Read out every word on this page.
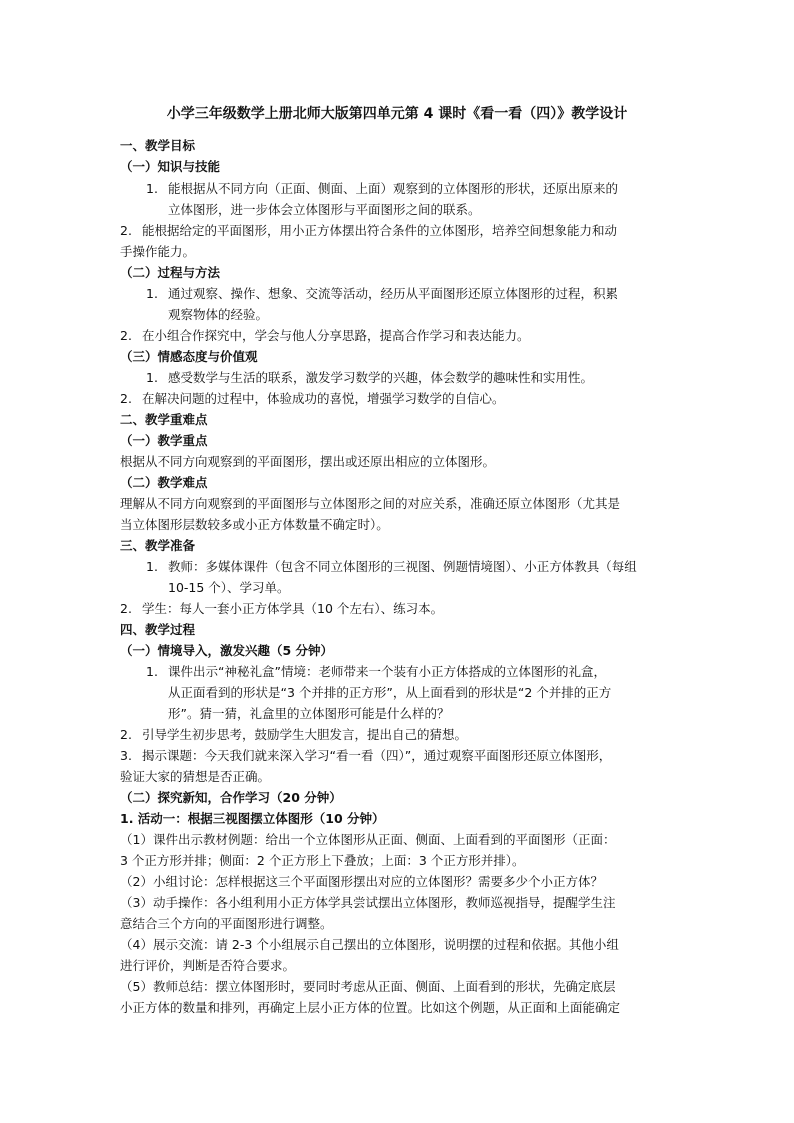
小学三年级数学上册北师大版第四单元第 4 课时《看一看（四）》教学设计
一、教学目标
（一）知识与技能
1. 能根据从不同方向（正面、侧面、上面）观察到的立体图形的形状，还原出原来的
立体图形，进一步体会立体图形与平面图形之间的联系。
2. 能根据给定的平面图形，用小正方体摆出符合条件的立体图形，培养空间想象能力和动
手操作能力。
（二）过程与方法
1. 通过观察、操作、想象、交流等活动，经历从平面图形还原立体图形的过程，积累
观察物体的经验。
2. 在小组合作探究中，学会与他人分享思路，提高合作学习和表达能力。
（三）情感态度与价值观
1. 感受数学与生活的联系，激发学习数学的兴趣，体会数学的趣味性和实用性。
2. 在解决问题的过程中，体验成功的喜悦，增强学习数学的自信心。
二、教学重难点
（一）教学重点
根据从不同方向观察到的平面图形，摆出或还原出相应的立体图形。
（二）教学难点
理解从不同方向观察到的平面图形与立体图形之间的对应关系，准确还原立体图形（尤其是
当立体图形层数较多或小正方体数量不确定时）。
三、教学准备
1. 教师：多媒体课件（包含不同立体图形的三视图、例题情境图）、小正方体教具（每组
10-15 个）、学习单。
2. 学生：每人一套小正方体学具（10 个左右）、练习本。
四、教学过程
（一）情境导入，激发兴趣（5 分钟）
1. 课件出示“神秘礼盒”情境：老师带来一个装有小正方体搭成的立体图形的礼盒，
从正面看到的形状是“3 个并排的正方形”，从上面看到的形状是“2 个并排的正方
形”。猜一猜，礼盒里的立体图形可能是什么样的？
2. 引导学生初步思考，鼓励学生大胆发言，提出自己的猜想。
3. 揭示课题：今天我们就来深入学习“看一看（四）”，通过观察平面图形还原立体图形，
验证大家的猜想是否正确。
（二）探究新知，合作学习（20 分钟）
1. 活动一：根据三视图摆立体图形（10 分钟）
（1）课件出示教材例题：给出一个立体图形从正面、侧面、上面看到的平面图形（正面：
3 个正方形并排；侧面：2 个正方形上下叠放；上面：3 个正方形并排）。
（2）小组讨论：怎样根据这三个平面图形摆出对应的立体图形？需要多少个小正方体？
（3）动手操作：各小组利用小正方体学具尝试摆出立体图形，教师巡视指导，提醒学生注
意结合三个方向的平面图形进行调整。
（4）展示交流：请 2-3 个小组展示自己摆出的立体图形，说明摆的过程和依据。其他小组
进行评价，判断是否符合要求。
（5）教师总结：摆立体图形时，要同时考虑从正面、侧面、上面看到的形状，先确定底层
小正方体的数量和排列，再确定上层小正方体的位置。比如这个例题，从正面和上面能确定
